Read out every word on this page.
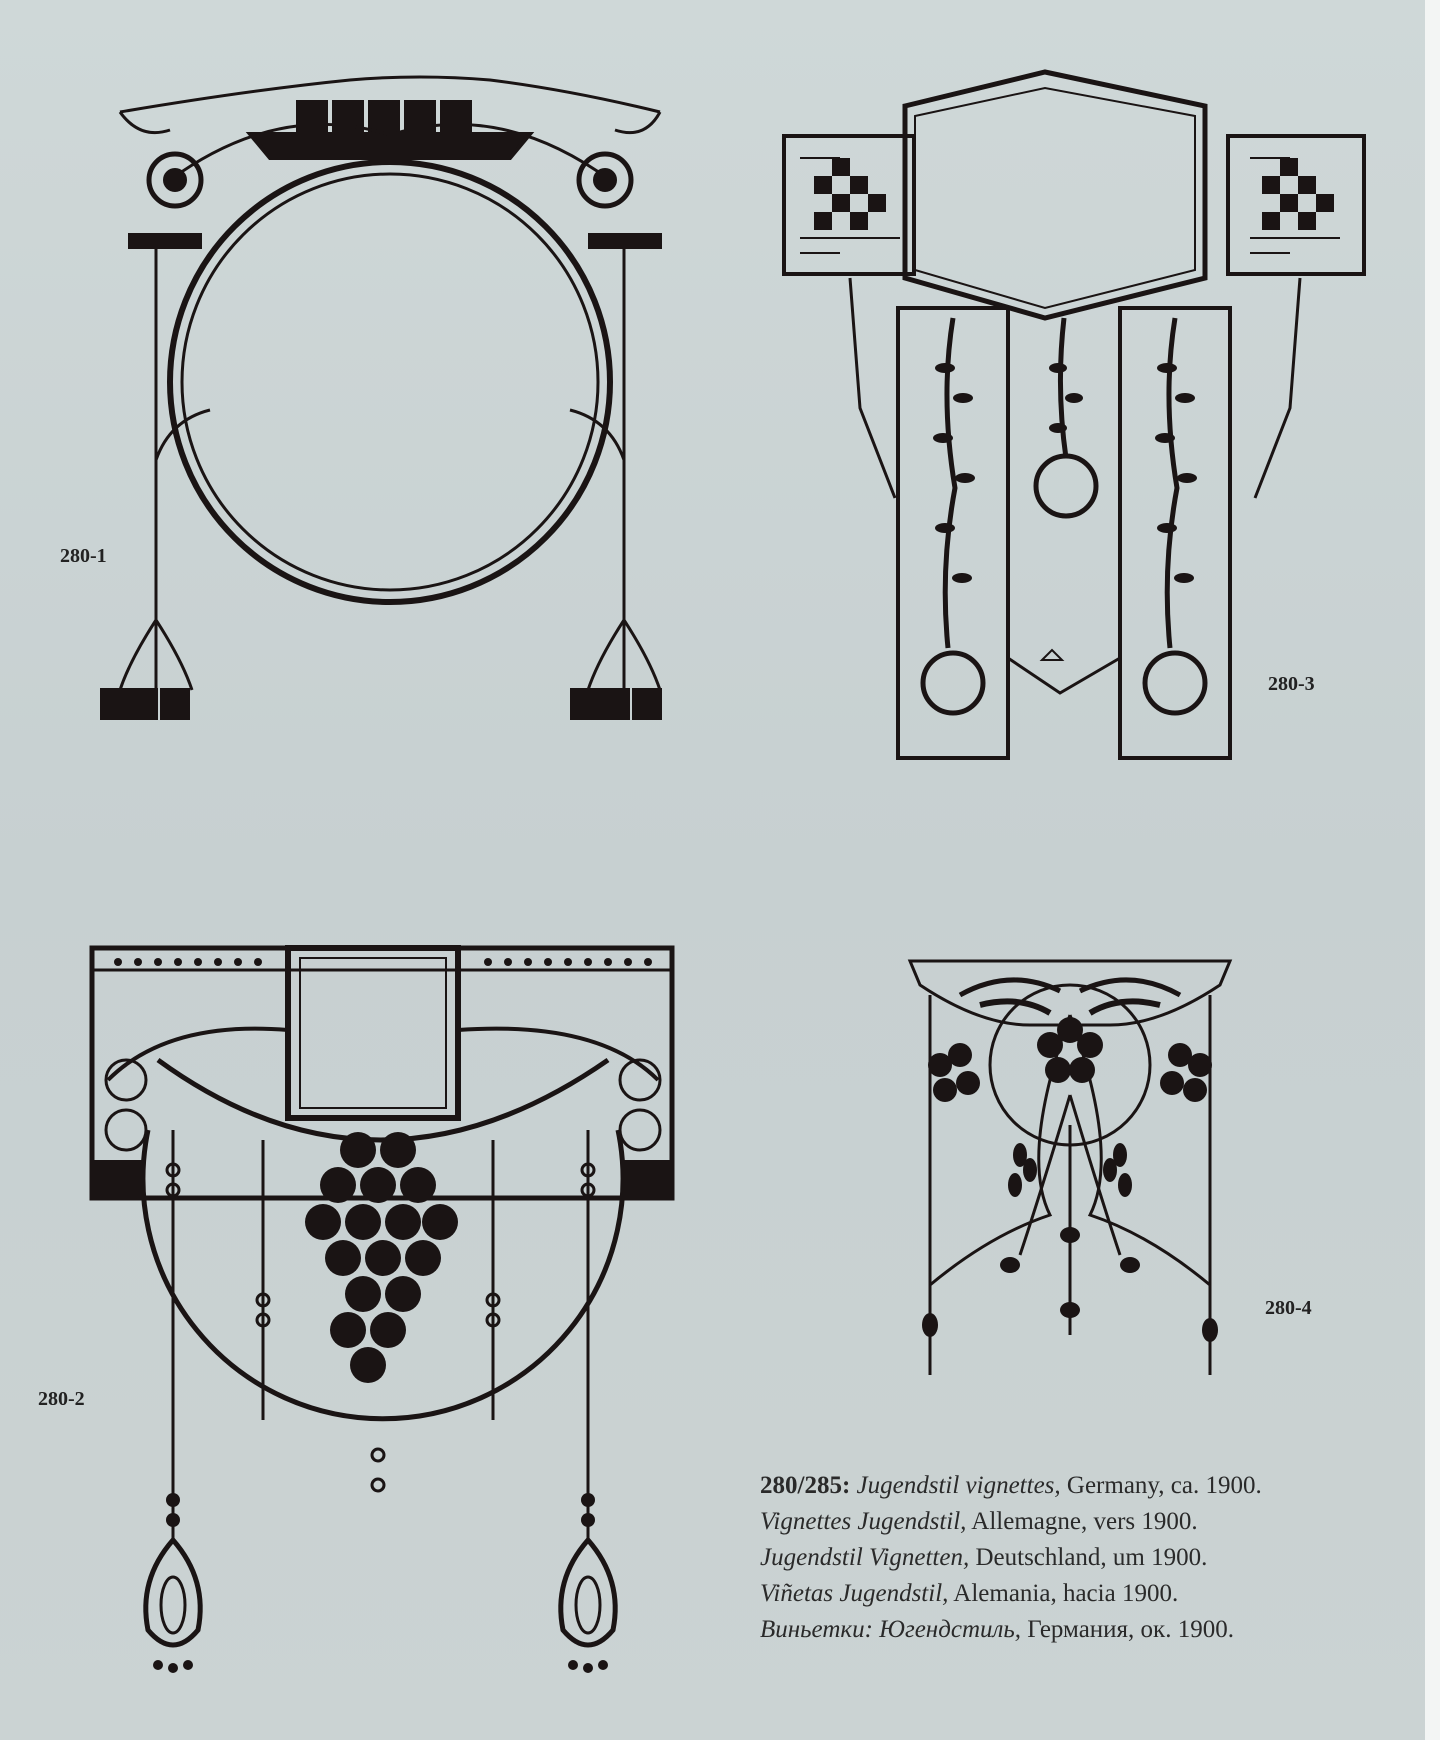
280-1
280-3
280-2
280-4
280/285: Jugendstil vignettes, Germany, ca. 1900.
Vignettes Jugendstil, Allemagne, vers 1900.
Jugendstil Vignetten, Deutschland, um 1900.
Viñetas Jugendstil, Alemania, hacia 1900.
Виньетки: Югендстиль, Германия, ок. 1900.
